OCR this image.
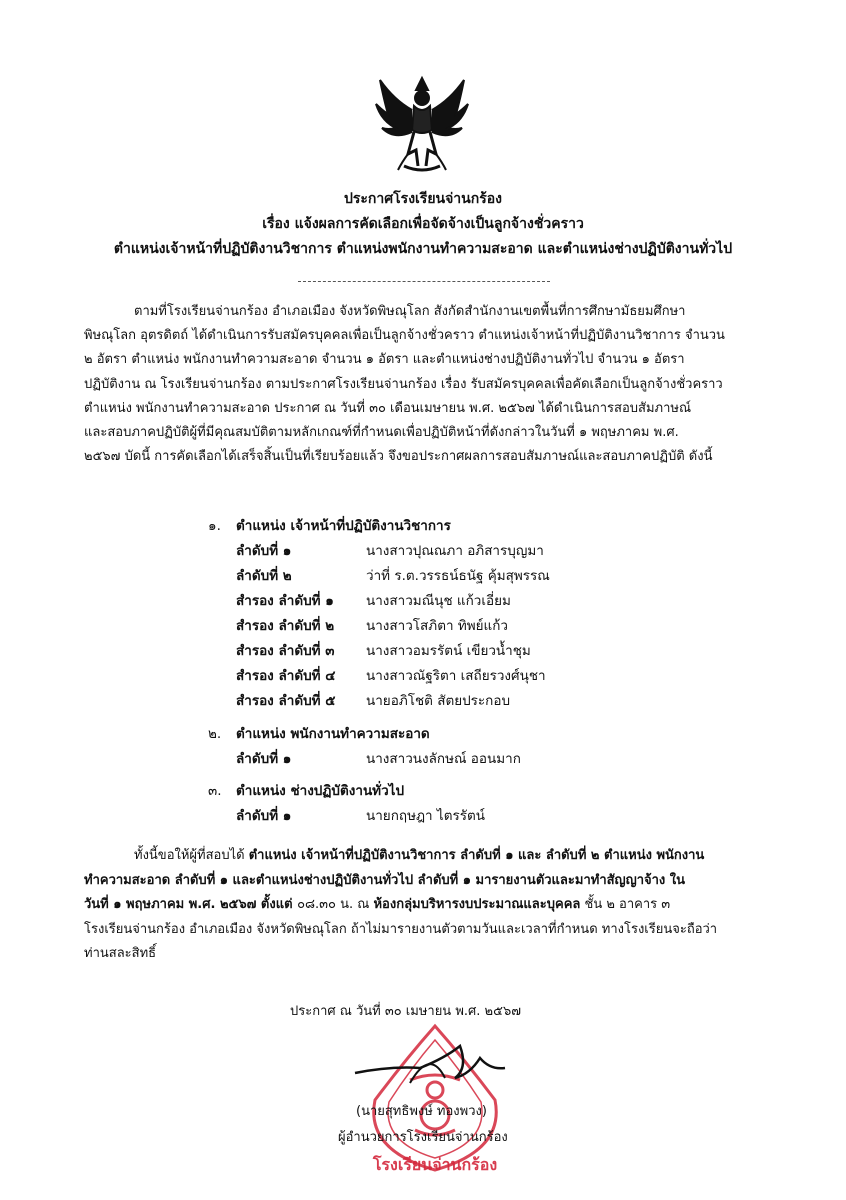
ประกาศโรงเรียนจ่านกร้อง
เรื่อง แจ้งผลการคัดเลือกเพื่อจัดจ้างเป็นลูกจ้างชั่วคราว
ตำแหน่งเจ้าหน้าที่ปฏิบัติงานวิชาการ ตำแหน่งพนักงานทำความสะอาด และตำแหน่งช่างปฏิบัติงานทั่วไป
ตามที่โรงเรียนจ่านกร้อง อำเภอเมือง จังหวัดพิษณุโลก สังกัดสำนักงานเขตพื้นที่การศึกษามัธยมศึกษา
พิษณุโลก อุตรดิตถ์ ได้ดำเนินการรับสมัครบุคคลเพื่อเป็นลูกจ้างชั่วคราว ตำแหน่งเจ้าหน้าที่ปฏิบัติงานวิชาการ จำนวน
๒ อัตรา ตำแหน่ง พนักงานทำความสะอาด จำนวน ๑ อัตรา และตำแหน่งช่างปฏิบัติงานทั่วไป จำนวน ๑ อัตรา
ปฏิบัติงาน ณ โรงเรียนจ่านกร้อง ตามประกาศโรงเรียนจ่านกร้อง เรื่อง รับสมัครบุคคลเพื่อคัดเลือกเป็นลูกจ้างชั่วคราว
ตำแหน่ง พนักงานทำความสะอาด ประกาศ ณ วันที่ ๓๐ เดือนเมษายน พ.ศ. ๒๕๖๗ ได้ดำเนินการสอบสัมภาษณ์
และสอบภาคปฏิบัติผู้ที่มีคุณสมบัติตามหลักเกณฑ์ที่กำหนดเพื่อปฏิบัติหน้าที่ดังกล่าวในวันที่ ๑ พฤษภาคม พ.ศ.
๒๕๖๗ บัดนี้ การคัดเลือกได้เสร็จสิ้นเป็นที่เรียบร้อยแล้ว จึงขอประกาศผลการสอบสัมภาษณ์และสอบภาคปฏิบัติ ดังนี้
๑. ตำแหน่ง เจ้าหน้าที่ปฏิบัติงานวิชาการ
ลำดับที่ ๑	นางสาวปุณณภา อภิสารบุญมา
ลำดับที่ ๒	ว่าที่ ร.ต.วรรธน์ธนัฐ คุ้มสุพรรณ
สำรอง ลำดับที่ ๑ นางสาวมณีนุช แก้วเอี่ยม
สำรอง ลำดับที่ ๒ นางสาวโสภิตา ทิพย์แก้ว
สำรอง ลำดับที่ ๓ นางสาวอมรรัตน์ เขียวน้ำชุม
สำรอง ลำดับที่ ๔ นางสาวณัฐริตา เสถียรวงศ์นุชา
สำรอง ลำดับที่ ๕ นายอภิโชติ สัตยประกอบ
๒. ตำแหน่ง พนักงานทำความสะอาด
ลำดับที่ ๑	นางสาวนงลักษณ์ ออนมาก
๓. ตำแหน่ง ช่างปฏิบัติงานทั่วไป
ลำดับที่ ๑	นายกฤษฎา ไตรรัตน์
ทั้งนี้ขอให้ผู้ที่สอบได้ ตำแหน่ง เจ้าหน้าที่ปฏิบัติงานวิชาการ ลำดับที่ ๑ และ ลำดับที่ ๒ ตำแหน่ง พนักงาน
ทำความสะอาด ลำดับที่ ๑ และตำแหน่งช่างปฏิบัติงานทั่วไป ลำดับที่ ๑ มารายงานตัวและมาทำสัญญาจ้าง ใน
วันที่ ๑ พฤษภาคม พ.ศ. ๒๕๖๗ ตั้งแต่ ๐๘.๓๐ น. ณ ห้องกลุ่มบริหารงบประมาณและบุคคล ชั้น ๒ อาคาร ๓
โรงเรียนจ่านกร้อง อำเภอเมือง จังหวัดพิษณุโลก ถ้าไม่มารายงานตัวตามวันและเวลาที่กำหนด ทางโรงเรียนจะถือว่า
ท่านสละสิทธิ์
ประกาศ ณ วันที่ ๓๐ เมษายน พ.ศ. ๒๕๖๗
โรงเรียนจ่านกร้อง
(นายสุทธิพงษ์ ทองพวง)
ผู้อำนวยการโรงเรียนจ่านกร้อง
